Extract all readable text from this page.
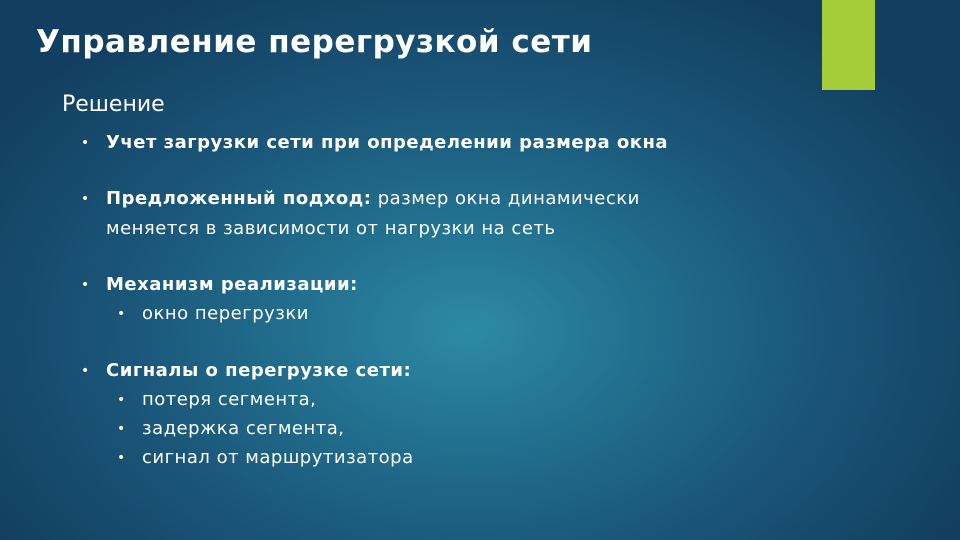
Управление перегрузкой сети
Решение
• Учет загрузки сети при определении размера окна
• Предложенный подход: размер окна динамически
меняется в зависимости от нагрузки на сеть
• Механизм реализации:
• окно перегрузки
• Сигналы о перегрузке сети:
• потеря сегмента,
• задержка сегмента,
• сигнал от маршрутизатора
